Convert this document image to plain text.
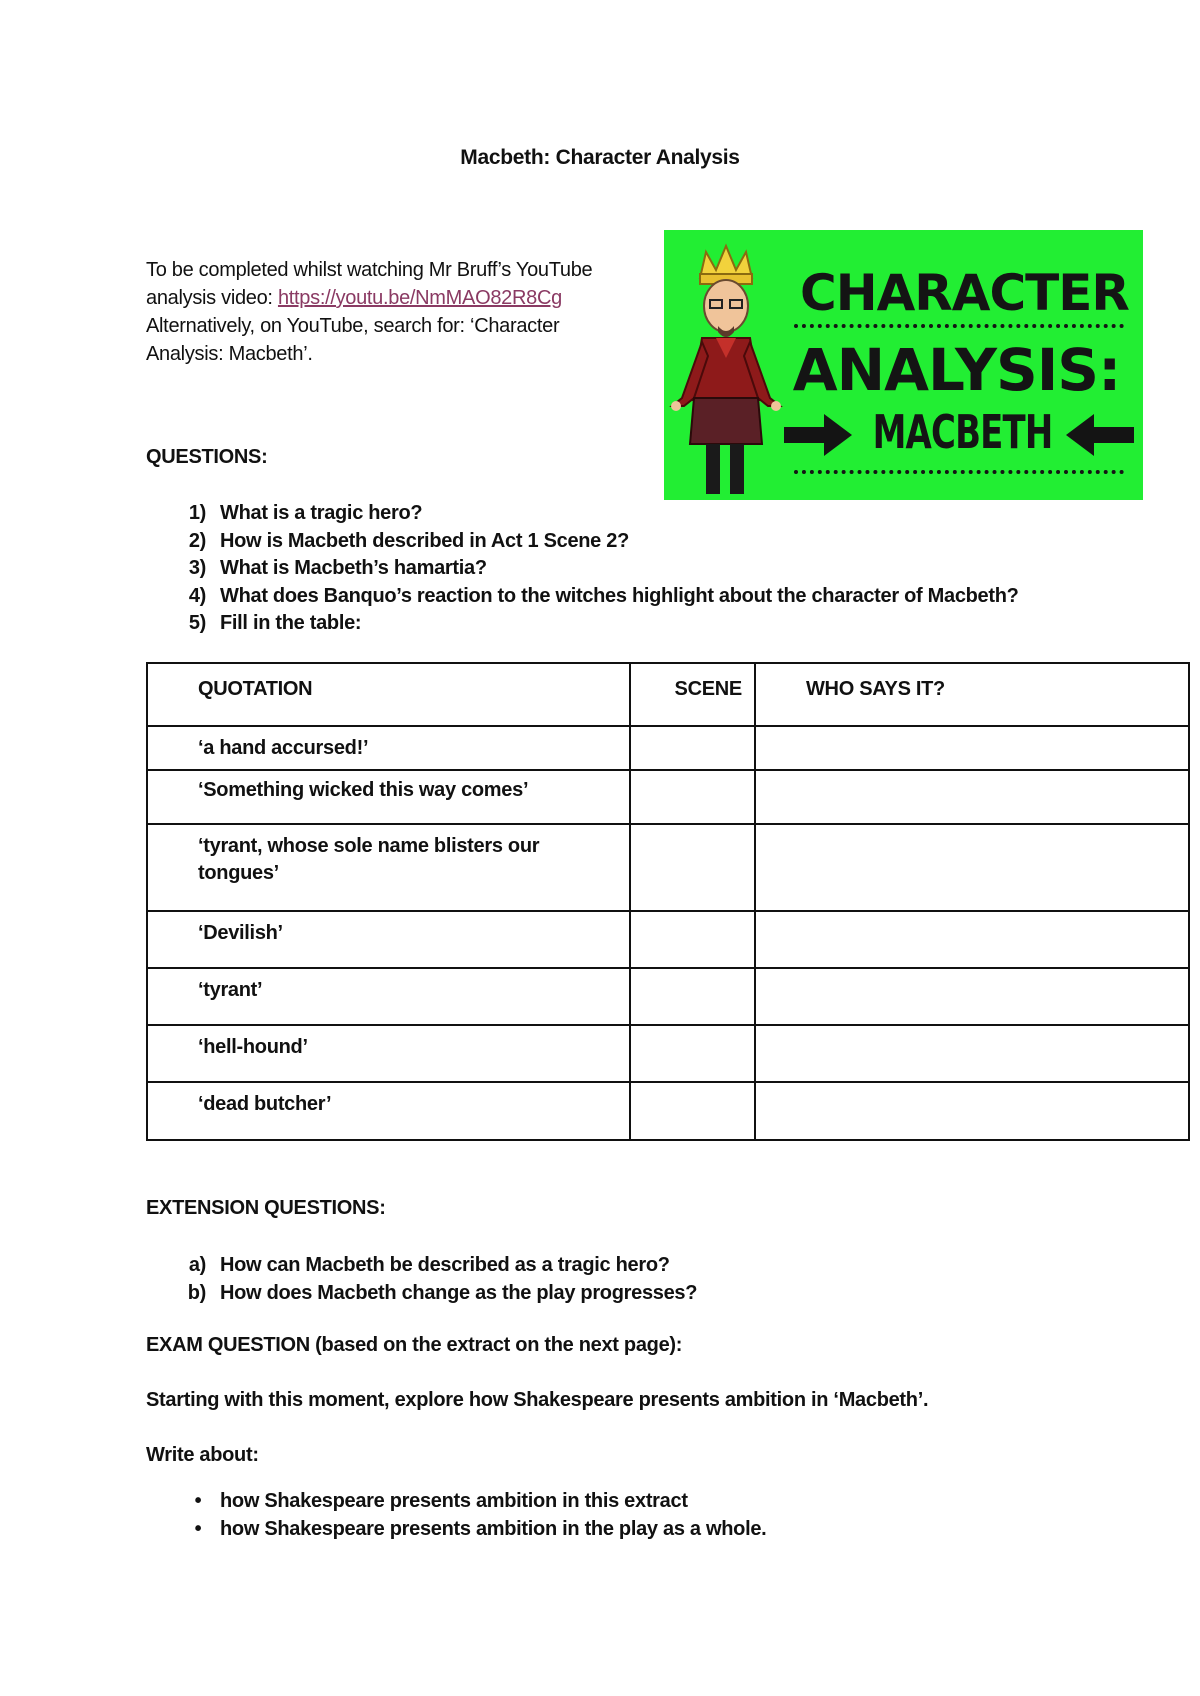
Macbeth: Character Analysis
To be completed whilst watching Mr Bruff’s YouTube
analysis video: https://youtu.be/NmMAO82R8Cg
Alternatively, on YouTube, search for: ‘Character
Analysis: Macbeth’.
CHARACTER
ANALYSIS:
MACBETH
QUESTIONS:
1) What is a tragic hero?
2) How is Macbeth described in Act 1 Scene 2?
3) What is Macbeth’s hamartia?
4) What does Banquo’s reaction to the witches highlight about the character of Macbeth?
5) Fill in the table:
QUOTATION	SCENE	WHO SAYS IT?

‘a hand accursed!’		

‘Something wicked this way comes’		

‘tyrant, whose sole name blisters our tongues’		

‘Devilish’		

‘tyrant’		

‘hell-hound’		

‘dead butcher’		

EXTENSION QUESTIONS:
a) How can Macbeth be described as a tragic hero?
b) How does Macbeth change as the play progresses?
EXAM QUESTION (based on the extract on the next page):
Starting with this moment, explore how Shakespeare presents ambition in ‘Macbeth’.
Write about:
• how Shakespeare presents ambition in this extract
• how Shakespeare presents ambition in the play as a whole.
